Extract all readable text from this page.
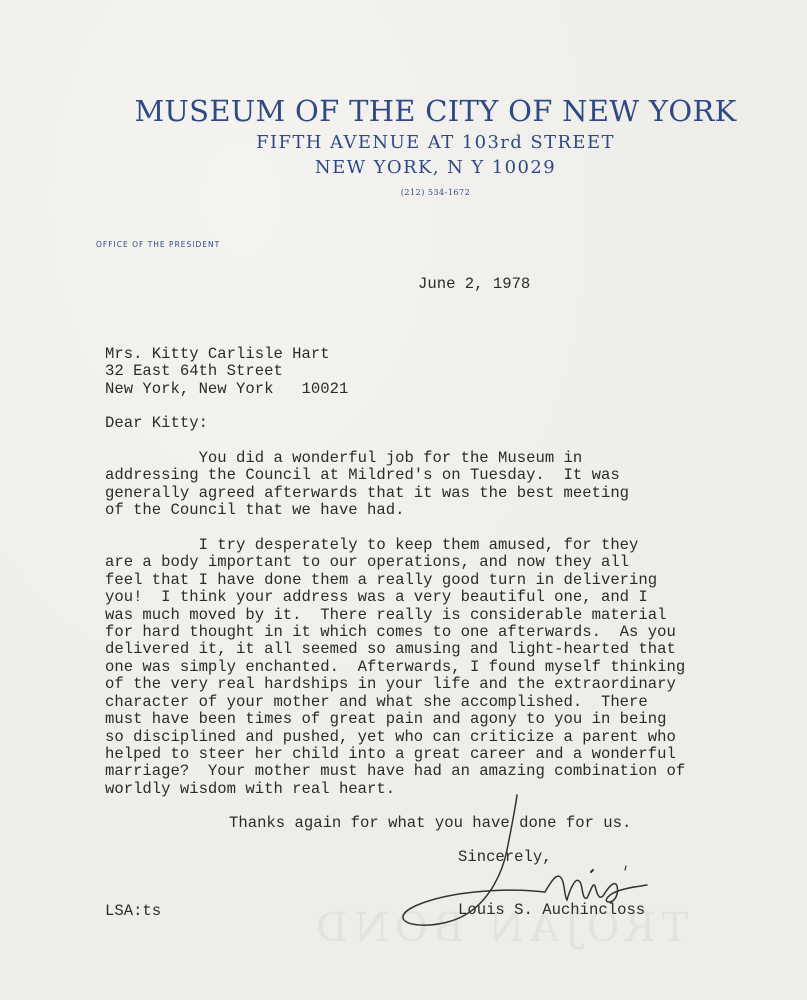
MUSEUM OF THE CITY OF NEW YORK
FIFTH AVENUE AT 103rd STREET
NEW YORK, N Y 10029
(212) 534-1672
OFFICE OF THE PRESIDENT
June 2, 1978
Mrs. Kitty Carlisle Hart
32 East 64th Street
New York, New York   10021
Dear Kitty:
You did a wonderful job for the Museum in
addressing the Council at Mildred's on Tuesday.  It was
generally agreed afterwards that it was the best meeting
of the Council that we have had.

I try desperately to keep them amused, for they
are a body important to our operations, and now they all
feel that I have done them a really good turn in delivering
you!  I think your address was a very beautiful one, and I
was much moved by it.  There really is considerable material
for hard thought in it which comes to one afterwards.  As you
delivered it, it all seemed so amusing and light-hearted that
one was simply enchanted.  Afterwards, I found myself thinking
of the very real hardships in your life and the extraordinary
character of your mother and what she accomplished.  There
must have been times of great pain and agony to you in being
so disciplined and pushed, yet who can criticize a parent who
helped to steer her child into a great career and a wonderful
marriage?  Your mother must have had an amazing combination of
worldly wisdom with real heart.
Thanks again for what you have done for us.
Sincerely,
Louis S. Auchincloss
LSA:ts
